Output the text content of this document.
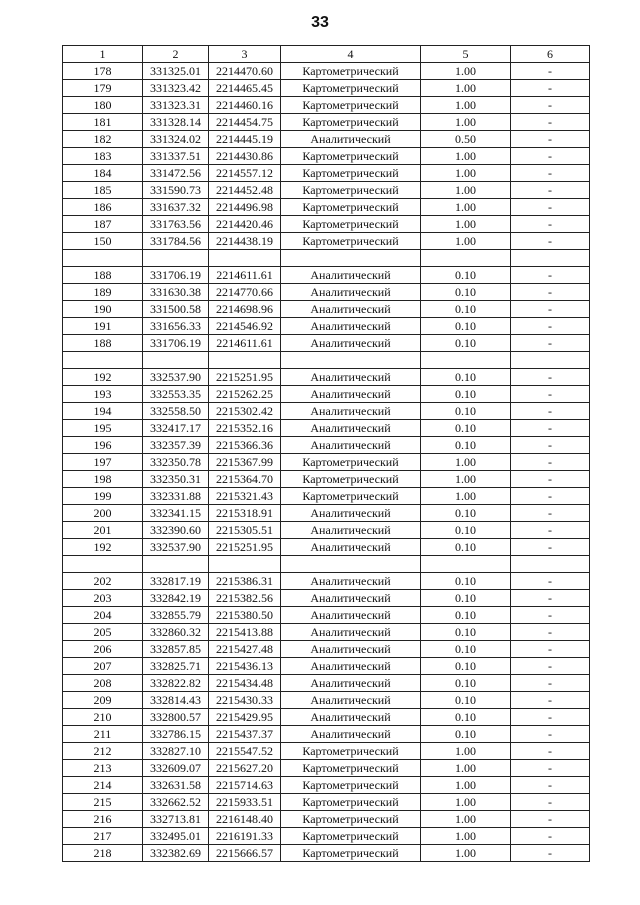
33
1	2	3	4	5	6
178	331325.01	2214470.60	Картометрический	1.00	-
179	331323.42	2214465.45	Картометрический	1.00	-
180	331323.31	2214460.16	Картометрический	1.00	-
181	331328.14	2214454.75	Картометрический	1.00	-
182	331324.02	2214445.19	Аналитический	0.50	-
183	331337.51	2214430.86	Картометрический	1.00	-
184	331472.56	2214557.12	Картометрический	1.00	-
185	331590.73	2214452.48	Картометрический	1.00	-
186	331637.32	2214496.98	Картометрический	1.00	-
187	331763.56	2214420.46	Картометрический	1.00	-
150	331784.56	2214438.19	Картометрический	1.00	-

188	331706.19	2214611.61	Аналитический	0.10	-
189	331630.38	2214770.66	Аналитический	0.10	-
190	331500.58	2214698.96	Аналитический	0.10	-
191	331656.33	2214546.92	Аналитический	0.10	-
188	331706.19	2214611.61	Аналитический	0.10	-

192	332537.90	2215251.95	Аналитический	0.10	-
193	332553.35	2215262.25	Аналитический	0.10	-
194	332558.50	2215302.42	Аналитический	0.10	-
195	332417.17	2215352.16	Аналитический	0.10	-
196	332357.39	2215366.36	Аналитический	0.10	-
197	332350.78	2215367.99	Картометрический	1.00	-
198	332350.31	2215364.70	Картометрический	1.00	-
199	332331.88	2215321.43	Картометрический	1.00	-
200	332341.15	2215318.91	Аналитический	0.10	-
201	332390.60	2215305.51	Аналитический	0.10	-
192	332537.90	2215251.95	Аналитический	0.10	-

202	332817.19	2215386.31	Аналитический	0.10	-
203	332842.19	2215382.56	Аналитический	0.10	-
204	332855.79	2215380.50	Аналитический	0.10	-
205	332860.32	2215413.88	Аналитический	0.10	-
206	332857.85	2215427.48	Аналитический	0.10	-
207	332825.71	2215436.13	Аналитический	0.10	-
208	332822.82	2215434.48	Аналитический	0.10	-
209	332814.43	2215430.33	Аналитический	0.10	-
210	332800.57	2215429.95	Аналитический	0.10	-
211	332786.15	2215437.37	Аналитический	0.10	-
212	332827.10	2215547.52	Картометрический	1.00	-
213	332609.07	2215627.20	Картометрический	1.00	-
214	332631.58	2215714.63	Картометрический	1.00	-
215	332662.52	2215933.51	Картометрический	1.00	-
216	332713.81	2216148.40	Картометрический	1.00	-
217	332495.01	2216191.33	Картометрический	1.00	-
218	332382.69	2215666.57	Картометрический	1.00	-
